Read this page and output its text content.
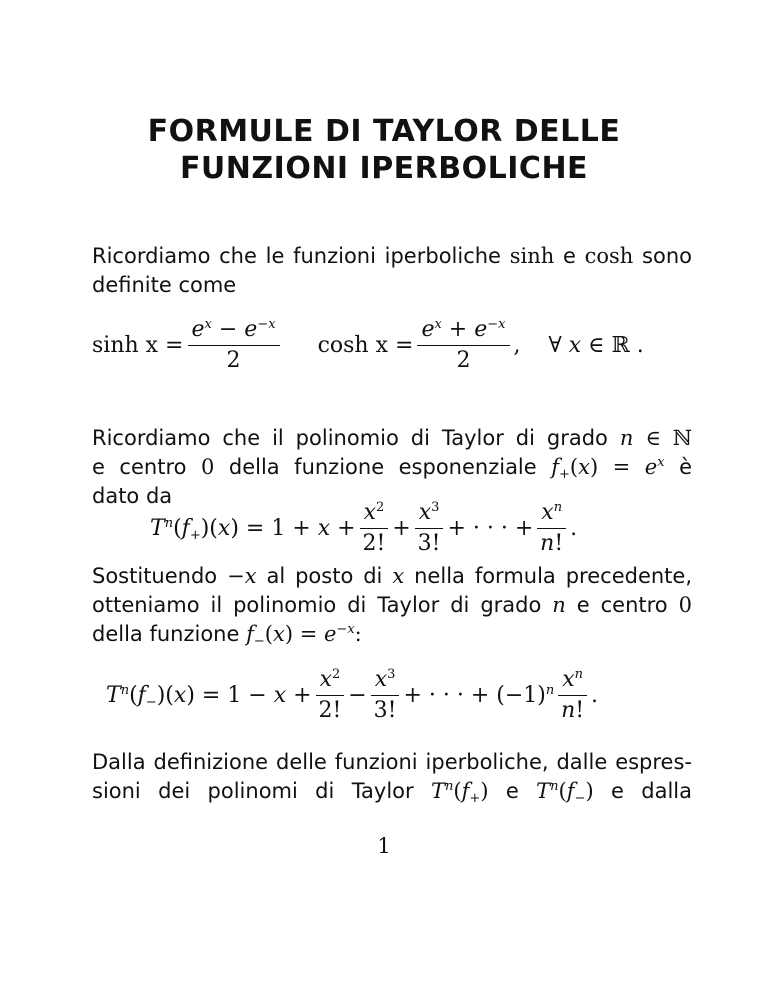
FORMULE DI TAYLOR DELLE
FUNZIONI IPERBOLICHE
Ricordiamo che le funzioni iperboliche sinh e cosh sono
definite come
$\sinh x = \frac{e^x - e^{-x}}{2}$ $\cosh x = \frac{e^x + e^{-x}}{2}$ ,    ∀ x ∈ ℝ .
Ricordiamo che il polinomio di Taylor di grado n ∈ ℕ
e centro 0 della funzione esponenziale $f_+(x) = e^x$ è
dato da
$T^n(f_+)(x) = 1 + x + \frac{x^2}{2!} + \frac{x^3}{3!}$ + · · · + $\frac{x^n}{n!}$ .
Sostituendo −x al posto di x nella formula precedente,
otteniamo il polinomio di Taylor di grado n e centro 0
della funzione $f_-(x) = e^{-x}$:
$T^n(f_-)(x) = 1 - x + \frac{x^2}{2!} - \frac{x^3}{3!}$ + · · · + $(-1)^n \frac{x^n}{n!}$ .
Dalla definizione delle funzioni iperboliche, dalle espres-
sioni dei polinomi di Taylor $T^n(f_+)$ e $T^n(f_-)$ e dalla
1
